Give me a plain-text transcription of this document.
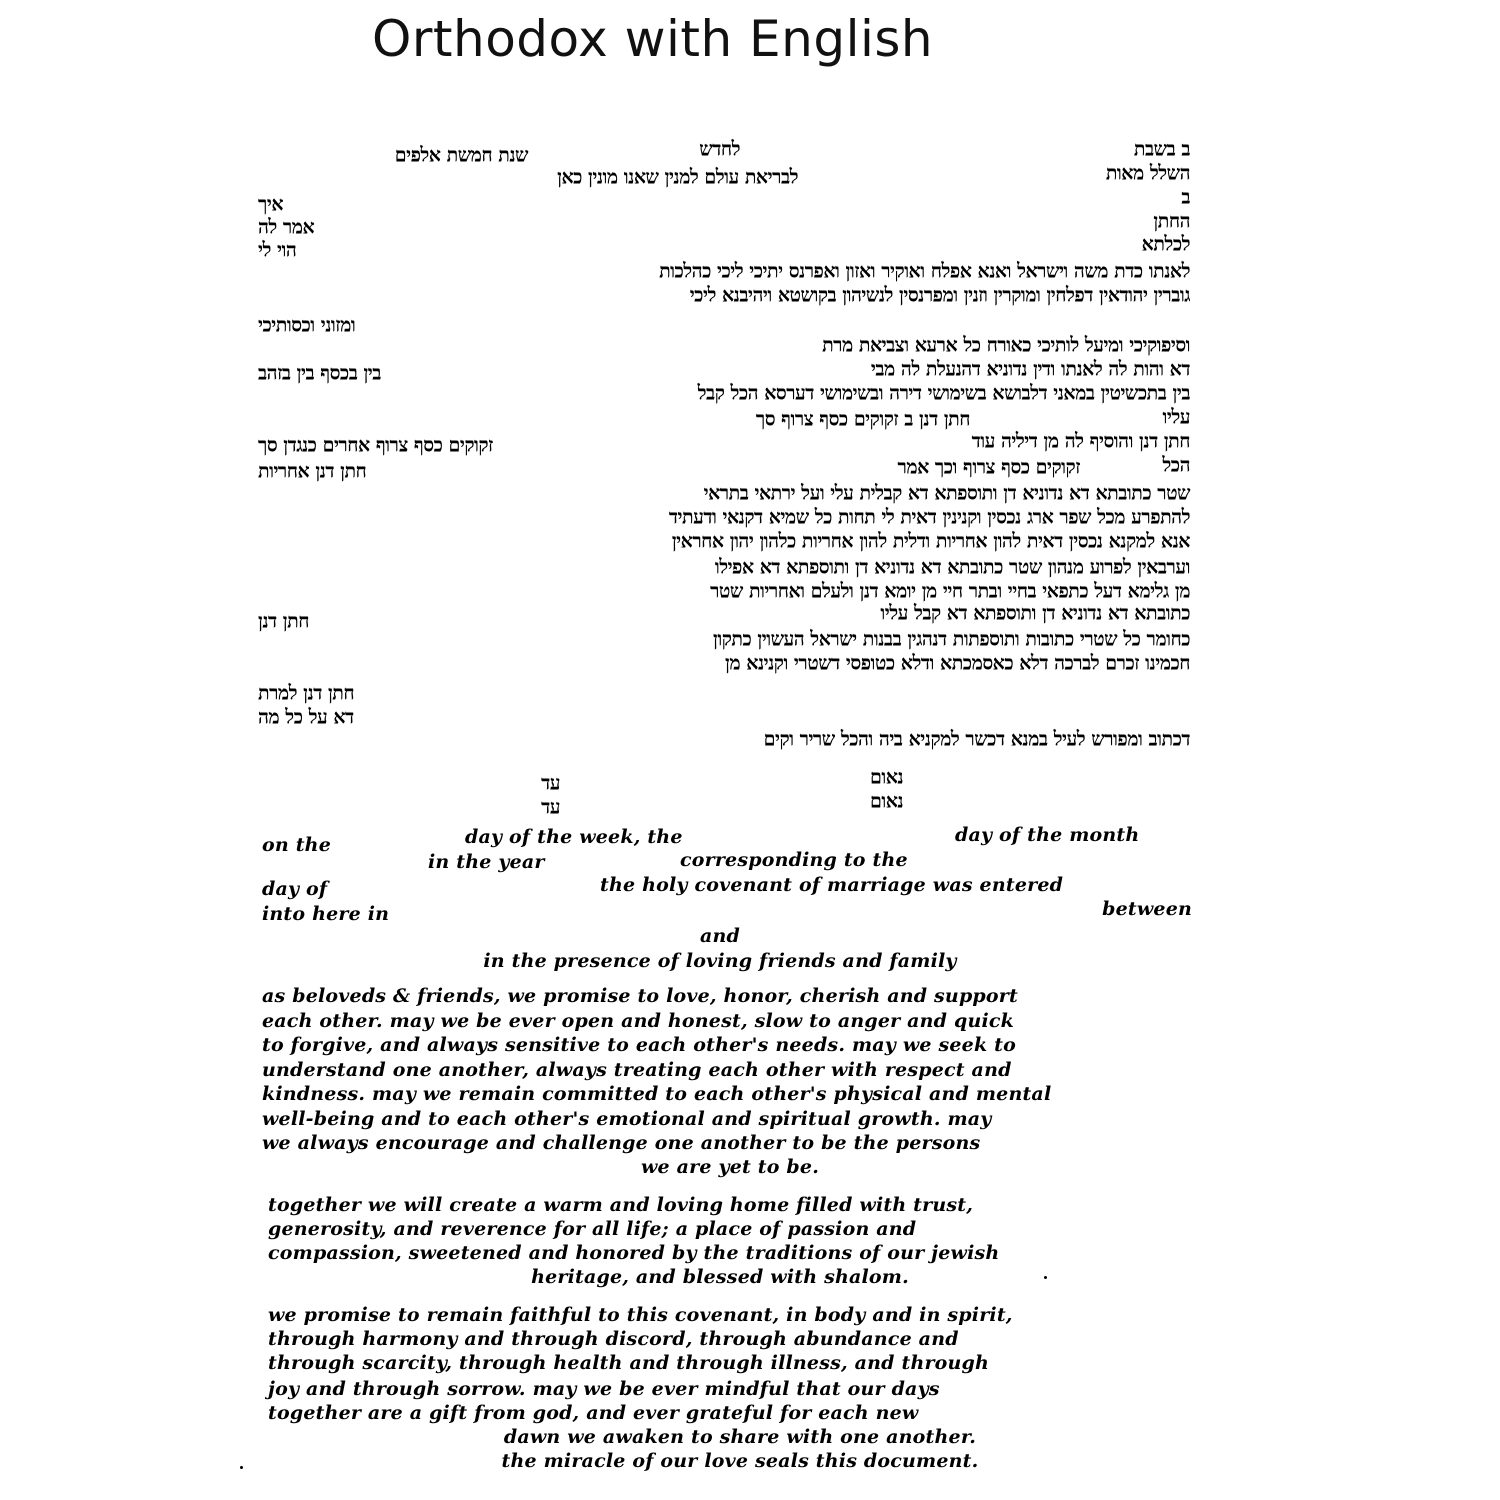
Orthodox with English
ב בשבת
לחדש
שנת חמשת אלפים
השלל מאות
לבריאת עולם למנין שאנו מונין כאן
ב
איך
החתן
אמר לה
לכלתא
הוי לי
לאנתו כדת משה וישראל ואנא אפלח ואוקיר ואזון ואפרנס יתיכי ליכי כהלכות
גוברין יהודאין דפלחין ומוקרין וזנין ומפרנסין לנשיהון בקושטא ויהיבנא ליכי
ומזוני וכסותיכי
וסיפוקיכי ומיעל לותיכי כאורח כל ארעא וצביאת מרת
דא והות לה לאנתו ודין נדוניא דהנעלת לה מבי
בין בכסף בין בזהב
בין בתכשיטין במאני דלבושא בשימושי דירה ובשימושי דערסא הכל קבל
עליו
חתן דנן ב זקוקים כסף צרוף סך
חתן דנן והוסיף לה מן דיליה עוד
זקוקים כסף צרוף אחרים כנגדן סך
הכל
זקוקים כסף צרוף וכך אמר
חתן דנן אחריות
שטר כתובתא דא נדוניא דן ותוספתא דא קבלית עלי ועל ירתאי בתראי
להתפרע מכל שפר ארג נכסין וקנינין דאית לי תחות כל שמיא דקנאי ודעתיד
אנא למקנא נכסין דאית להון אחריות ודלית להון אחריות כלהון יהון אחראין
וערבאין לפרוע מנהון שטר כתובתא דא נדוניא דן ותוספתא דא אפילו
מן גלימא דעל כתפאי בחיי ובתר חיי מן יומא דנן ולעלם ואחריות שטר
כתובתא דא נדוניא דן ותוספתא דא קבל עליו
חתן דנן
כחומר כל שטרי כתובות ותוספתות דנהגין בבנות ישראל העשוין כתקון
חכמינו זכרם לברכה דלא כאסמכתא ודלא כטופסי דשטרי וקנינא מן
חתן דנן למרת
דא על כל מה
דכתוב ומפורש לעיל במנא דכשר למקניא ביה והכל שריר וקים
נאום
עד
נאום
עד
on the	day of the week, the	day of the month
in the year	corresponding to the
day of	the holy covenant of marriage was entered
into here in	between
and
in the presence of loving friends and family
as beloveds & friends, we promise to love, honor, cherish and support
each other. may we be ever open and honest, slow to anger and quick
to forgive, and always sensitive to each other's needs. may we seek to
understand one another, always treating each other with respect and
kindness. may we remain committed to each other's physical and mental
well-being and to each other's emotional and spiritual growth. may
we always encourage and challenge one another to be the persons
we are yet to be.
together we will create a warm and loving home filled with trust,
generosity, and reverence for all life; a place of passion and
compassion, sweetened and honored by the traditions of our jewish
heritage, and blessed with shalom.
we promise to remain faithful to this covenant, in body and in spirit,
through harmony and through discord, through abundance and
through scarcity, through health and through illness, and through
joy and through sorrow. may we be ever mindful that our days
together are a gift from god, and ever grateful for each new
dawn we awaken to share with one another.
the miracle of our love seals this document.
